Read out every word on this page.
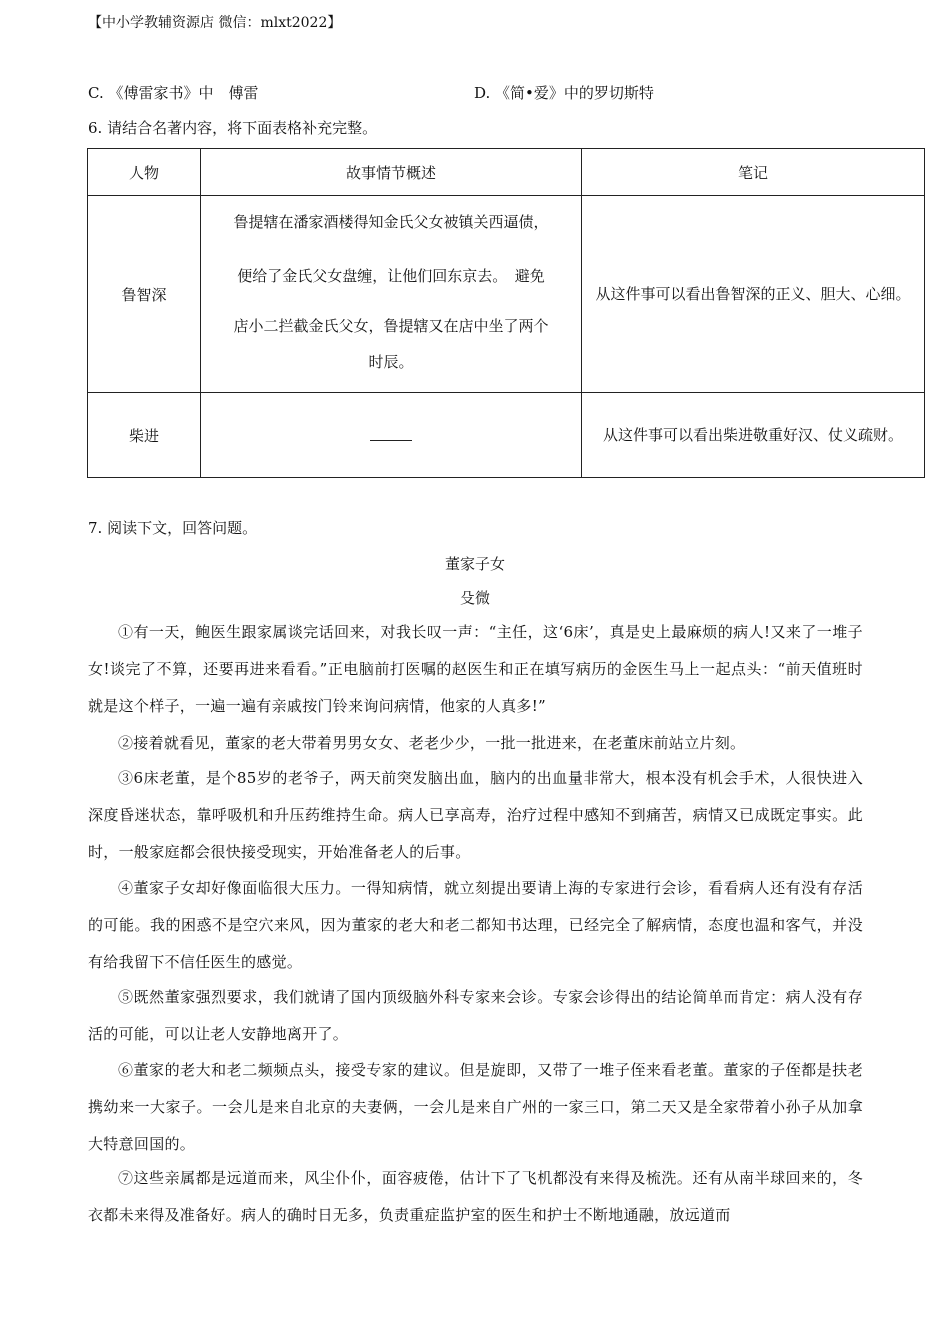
【中小学教辅资源店 微信：mlxt2022】
C. 《傅雷家书》中　傅雷	D. 《简•爱》中的罗切斯特
6. 请结合名著内容，将下面表格补充完整。
人物	故事情节概述	笔记
鲁智深	鲁提辖在潘家酒楼得知金氏父女被镇关西逼债，
便给了金氏父女盘缠，让他们回东京去。　避免
店小二拦截金氏父女，鲁提辖又在店中坐了两个
时辰。	从这件事可以看出鲁智深的正义、胆大、心细。
柴进	____	从这件事可以看出柴进敬重好汉、仗义疏财。
7. 阅读下文，回答问题。
董家子女
殳微

①有一天，鲍医生跟家属谈完话回来，对我长叹一声：“主任，这‘6床’，真是史上最麻烦的病人!又来了一堆子女!谈完了不算，还要再进来看看。”正电脑前打医嘱的赵医生和正在填写病历的金医生马上一起点头：“前天值班时就是这个样子，一遍一遍有亲戚按门铃来询问病情，他家的人真多!”

②接着就看见，董家的老大带着男男女女、老老少少，一批一批进来，在老董床前站立片刻。

③6床老董，是个85岁的老爷子，两天前突发脑出血，脑内的出血量非常大，根本没有机会手术，人很快进入深度昏迷状态，靠呼吸机和升压药维持生命。病人已享高寿，治疗过程中感知不到痛苦，病情又已成既定事实。此时，一般家庭都会很快接受现实，开始准备老人的后事。

④董家子女却好像面临很大压力。一得知病情，就立刻提出要请上海的专家进行会诊，看看病人还有没有存活的可能。我的困惑不是空穴来风，因为董家的老大和老二都知书达理，已经完全了解病情，态度也温和客气，并没有给我留下不信任医生的感觉。

⑤既然董家强烈要求，我们就请了国内顶级脑外科专家来会诊。专家会诊得出的结论简单而肯定：病人没有存活的可能，可以让老人安静地离开了。

⑥董家的老大和老二频频点头，接受专家的建议。但是旋即，又带了一堆子侄来看老董。董家的子侄都是扶老携幼来一大家子。一会儿是来自北京的夫妻俩，一会儿是来自广州的一家三口，第二天又是全家带着小孙子从加拿大特意回国的。

⑦这些亲属都是远道而来，风尘仆仆，面容疲倦，估计下了飞机都没有来得及梳洗。还有从南半球回来的，冬衣都未来得及准备好。病人的确时日无多，负责重症监护室的医生和护士不断地通融，放远道而
